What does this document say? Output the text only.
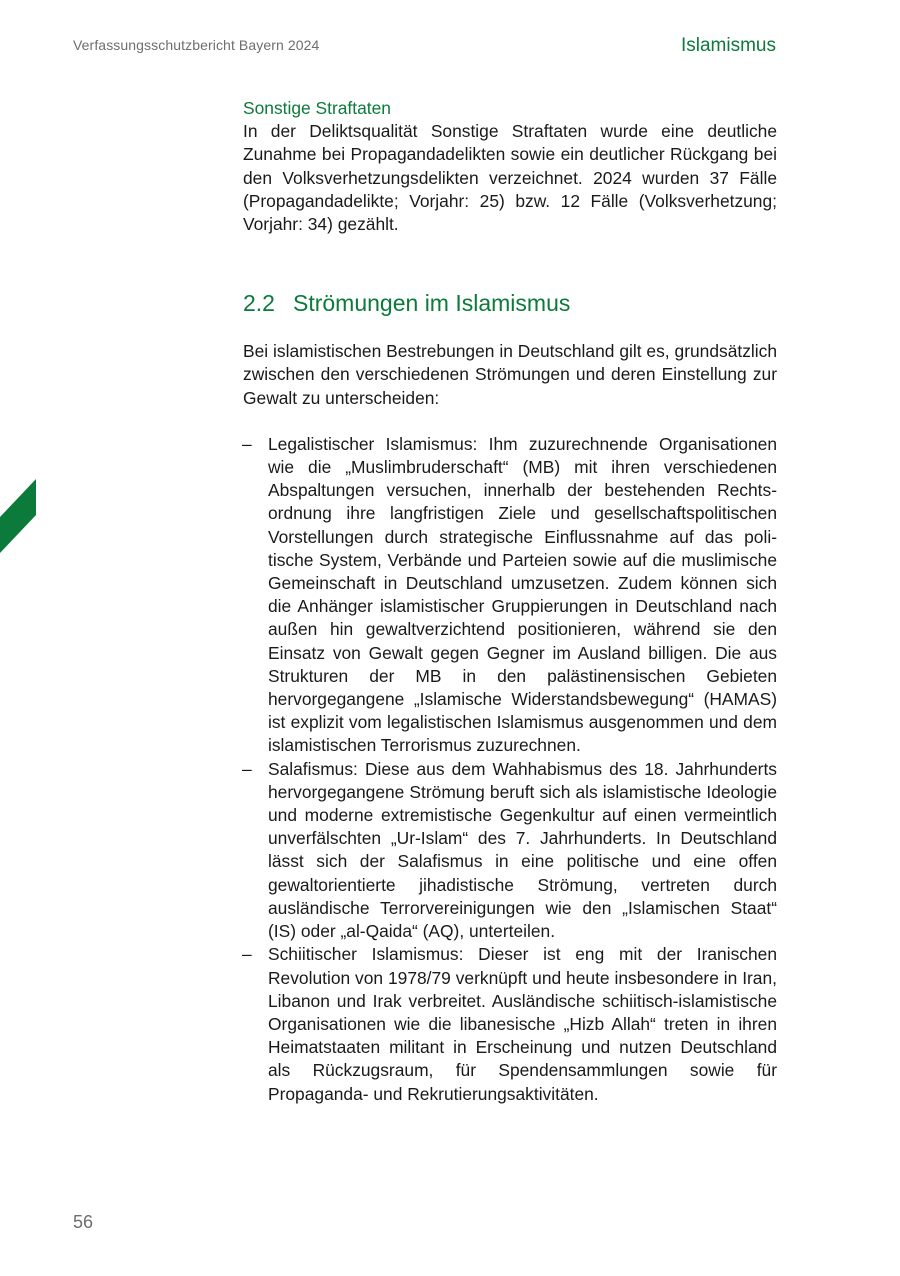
Verfassungsschutzbericht Bayern 2024	Islamismus

Sonstige Straftaten

In der Deliktsqualität Sonstige Straftaten wurde eine deutliche Zunahme bei Propagandadelikten sowie ein deutlicher Rückgang bei den Volksverhetzungsdelikten verzeichnet. 2024 wurden 37 Fälle (Propagandadelikte; Vorjahr: 25) bzw. 12 Fälle (Volksverhetzung; Vorjahr: 34) gezählt.

2.2 Strömungen im Islamismus

Bei islamistischen Bestrebungen in Deutschland gilt es, grundsätzlich zwischen den verschiedenen Strömungen und deren Einstellung zur Gewalt zu unterscheiden:

– Legalistischer Islamismus: Ihm zuzurechnende Organisationen wie die „Muslimbruderschaft“ (MB) mit ihren verschiedenen Abspaltungen versuchen, innerhalb der bestehenden Rechtsordnung ihre langfristigen Ziele und gesellschaftspolitischen Vorstellungen durch strategische Einflussnahme auf das politische System, Verbände und Parteien sowie auf die muslimische Gemeinschaft in Deutschland umzusetzen. Zudem können sich die Anhänger islamistischer Gruppierungen in Deutschland nach außen hin gewaltverzichtend positionieren, während sie den Einsatz von Gewalt gegen Gegner im Ausland billigen. Die aus Strukturen der MB in den palästinensischen Gebieten hervorgegangene „Islamische Widerstandsbewegung“ (HAMAS) ist explizit vom legalistischen Islamismus ausgenommen und dem islamistischen Terrorismus zuzurechnen.
– Salafismus: Diese aus dem Wahhabismus des 18. Jahrhunderts hervorgegangene Strömung beruft sich als islamistische Ideologie und moderne extremistische Gegenkultur auf einen vermeintlich unverfälschten „Ur-Islam“ des 7. Jahrhunderts. In Deutschland lässt sich der Salafismus in eine politische und eine offen gewaltorientierte jihadistische Strömung, vertreten durch ausländische Terrorvereinigungen wie den „Islamischen Staat“ (IS) oder „al-Qaida“ (AQ), unterteilen.
– Schiitischer Islamismus: Dieser ist eng mit der Iranischen Revolution von 1978/79 verknüpft und heute insbesondere in Iran, Libanon und Irak verbreitet. Ausländische schiitisch-islamistische Organisationen wie die libanesische „Hizb Allah“ treten in ihren Heimatstaaten militant in Erscheinung und nutzen Deutschland als Rückzugsraum, für Spendensammlungen sowie für Propaganda- und Rekrutierungsaktivitäten.
56
